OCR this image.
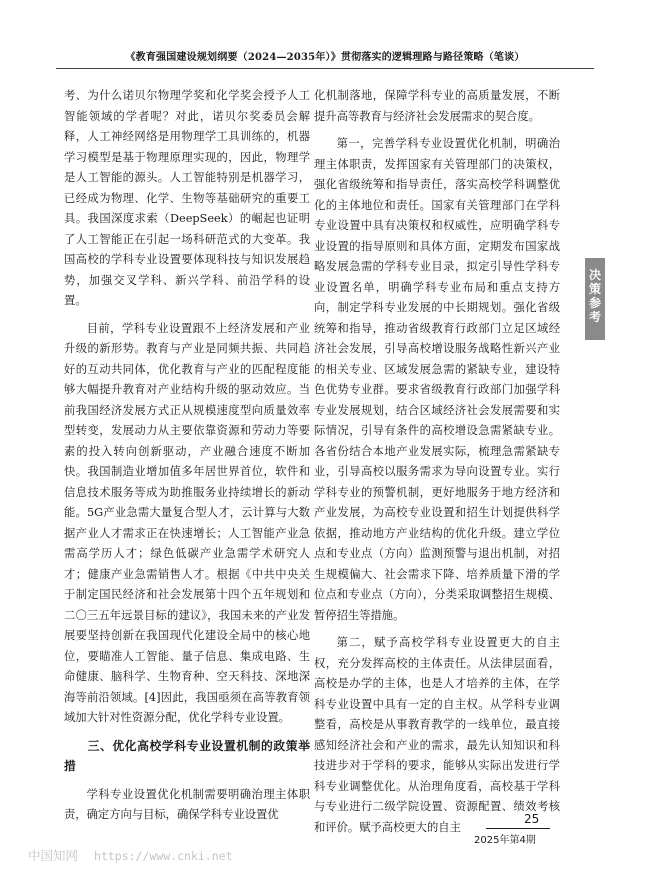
《教育强国建设规划纲要（2024—2035年）》贯彻落实的逻辑理路与路径策略（笔谈）

考、为什么诺贝尔物理学奖和化学奖会授予人工智能领域的学者呢？对此，诺贝尔奖委员会解释，人工神经网络是用物理学工具训练的，机器学习模型是基于物理原理实现的，因此，物理学是人工智能的源头。人工智能特别是机器学习，已经成为物理、化学、生物等基础研究的重要工具。我国深度求索（DeepSeek）的崛起也证明了人工智能正在引起一场科研范式的大变革。我国高校的学科专业设置要体现科技与知识发展趋势，加强交叉学科、新兴学科、前沿学科的设置。

目前，学科专业设置跟不上经济发展和产业升级的新形势。教育与产业是同频共振、共同趋好的互动共同体，优化教育与产业的匹配程度能够大幅提升教育对产业结构升级的驱动效应。当前我国经济发展方式正从规模速度型向质量效率型转变，发展动力从主要依靠资源和劳动力等要素的投入转向创新驱动，产业融合速度不断加快。我国制造业增加值多年居世界首位，软件和信息技术服务等成为助推服务业持续增长的新动能。5G产业急需大量复合型人才，云计算与大数据产业人才需求正在快速增长；人工智能产业急需高学历人才；绿色低碳产业急需学术研究人才；健康产业急需销售人才。根据《中共中央关于制定国民经济和社会发展第十四个五年规划和二〇三五年远景目标的建议》，我国未来的产业发展要坚持创新在我国现代化建设全局中的核心地位，要瞄准人工智能、量子信息、集成电路、生命健康、脑科学、生物育种、空天科技、深地深海等前沿领域。[4]因此，我国亟须在高等教育领域加大针对性资源分配，优化学科专业设置。

三、优化高校学科专业设置机制的政策举措

学科专业设置优化机制需要明确治理主体职责，确定方向与目标，确保学科专业设置优

化机制落地，保障学科专业的高质量发展，不断提升高等教育与经济社会发展需求的契合度。

第一，完善学科专业设置优化机制，明确治理主体职责，发挥国家有关管理部门的决策权，强化省级统筹和指导责任，落实高校学科调整优化的主体地位和责任。国家有关管理部门在学科专业设置中具有决策权和权威性，应明确学科专业设置的指导原则和具体方面，定期发布国家战略发展急需的学科专业目录，拟定引导性学科专业设置名单，明确学科专业布局和重点支持方向，制定学科专业发展的中长期规划。强化省级统筹和指导，推动省级教育行政部门立足区域经济社会发展，引导高校增设服务战略性新兴产业的相关专业、区域发展急需的紧缺专业，建设特色优势专业群。要求省级教育行政部门加强学科专业发展规划，结合区域经济社会发展需要和实际情况，引导有条件的高校增设急需紧缺专业。各省份结合本地产业发展实际，梳理急需紧缺专业，引导高校以服务需求为导向设置专业。实行学科专业的预警机制，更好地服务于地方经济和产业发展，为高校专业设置和招生计划提供科学依据，推动地方产业结构的优化升级。建立学位点和专业点（方向）监测预警与退出机制，对招生规模偏大、社会需求下降、培养质量下滑的学位点和专业点（方向），分类采取调整招生规模、暂停招生等措施。

第二，赋予高校学科专业设置更大的自主权，充分发挥高校的主体责任。从法律层面看，高校是办学的主体，也是人才培养的主体，在学科专业设置中具有一定的自主权。从学科专业调整看，高校是从事教育教学的一线单位，最直接感知经济社会和产业的需求，最先认知知识和科技进步对于学科的要求，能够从实际出发进行学科专业调整优化。从治理角度看，高校基于学科与专业进行二级学院设置、资源配置、绩效考核和评价。赋予高校更大的自主

决策参考
25
2025年第4期
中国知网 https://www.cnki.net
